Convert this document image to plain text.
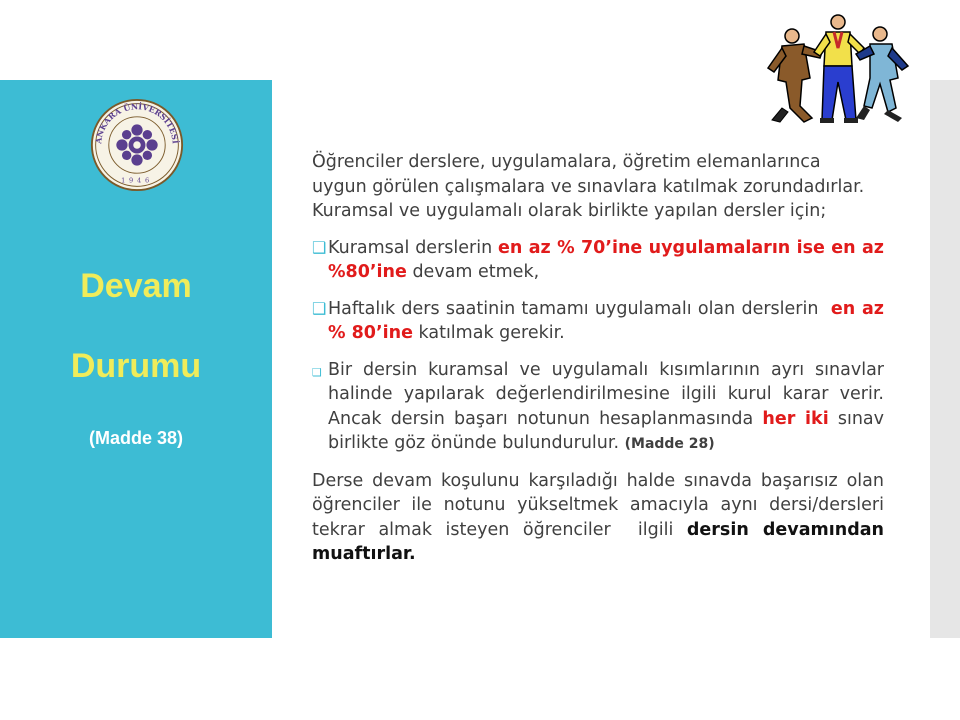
ANKARA ÜNİVERSİTESİ
1946
Devam
Durumu
(Madde 38)

Öğrenciler derslere, uygulamalara, öğretim elemanlarınca uygun görülen çalışmalara ve sınavlara katılmak zorundadırlar. Kuramsal ve uygulamalı olarak birlikte yapılan dersler için;

❑ Kuramsal derslerin en az % 70’ine uygulamaların ise en az %80’ine devam etmek,

❑ Haftalık ders saatinin tamamı uygulamalı olan derslerin  en az % 80’ine katılmak gerekir.

❑ Bir dersin kuramsal ve uygulamalı kısımlarının ayrı sınavlar halinde yapılarak değerlendirilmesine ilgili kurul karar verir. Ancak dersin başarı notunun hesaplanmasında her iki sınav birlikte göz önünde bulundurulur. (Madde 28)

Derse devam koşulunu karşıladığı halde sınavda başarısız olan öğrenciler ile notunu yükseltmek amacıyla aynı dersi/dersleri tekrar almak isteyen öğrenciler  ilgili dersin devamından muaftırlar.
